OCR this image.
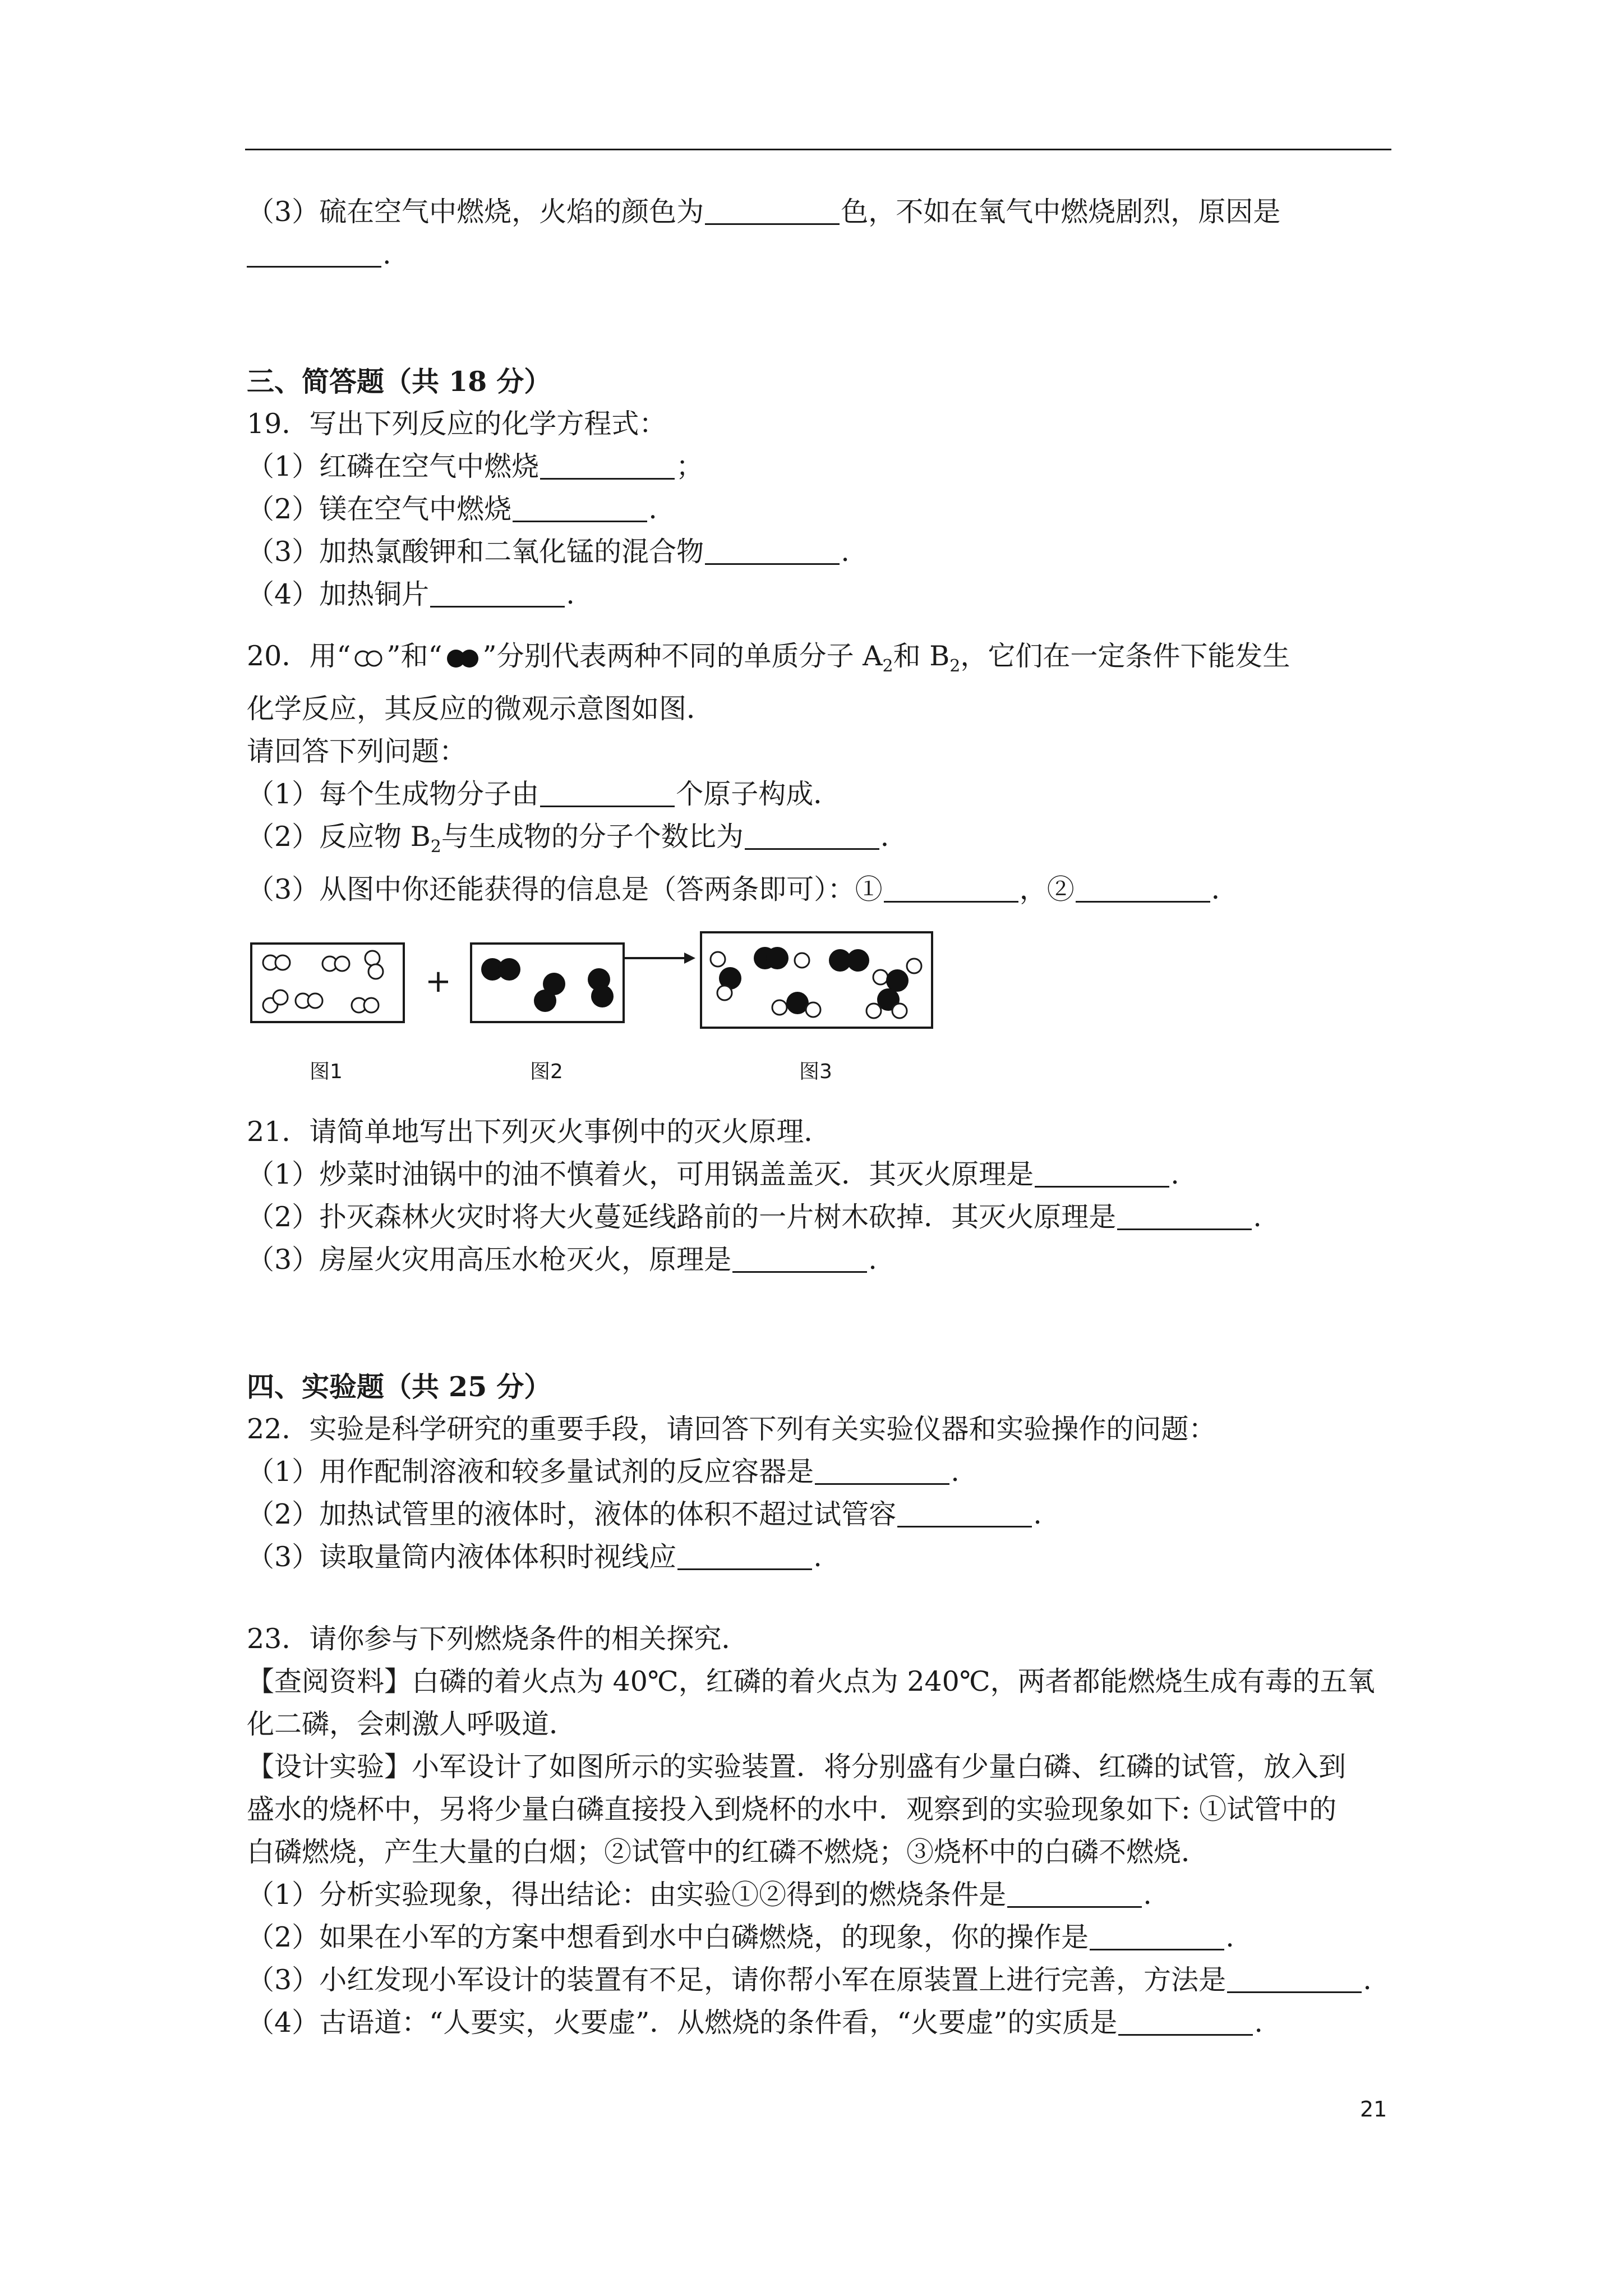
（3）硫在空气中燃烧，火焰的颜色为	色，不如在氧气中燃烧剧烈，原因是
.
三、简答题（共 18 分）
19．写出下列反应的化学方程式：
（1）红磷在空气中燃烧	；
（2）镁在空气中燃烧	.
（3）加热氯酸钾和二氧化锰的混合物	.
（4）加热铜片	.
20．用“ ”和“ ”分别代表两种不同的单质分子 $A_2$和 $B_2$，它们在一定条件下能发生
化学反应，其反应的微观示意图如图．
请回答下列问题：
（1）每个生成物分子由	个原子构成．
（2）反应物 $B_2$与生成物的分子个数比为	．
（3）从图中你还能获得的信息是（答两条即可）：①	，②	．
+
图1	图2	图3
21．请简单地写出下列灭火事例中的灭火原理．
（1）炒菜时油锅中的油不慎着火，可用锅盖盖灭．其灭火原理是	.
（2）扑灭森林火灾时将大火蔓延线路前的一片树木砍掉．其灭火原理是	.
（3）房屋火灾用高压水枪灭火，原理是	.
四、实验题（共 25 分）
22．实验是科学研究的重要手段，请回答下列有关实验仪器和实验操作的问题：
（1）用作配制溶液和较多量试剂的反应容器是	.
（2）加热试管里的液体时，液体的体积不超过试管容	.
（3）读取量筒内液体体积时视线应	.
23．请你参与下列燃烧条件的相关探究．
【查阅资料】白磷的着火点为 40℃，红磷的着火点为 240℃，两者都能燃烧生成有毒的五氧
化二磷，会刺激人呼吸道．
【设计实验】小军设计了如图所示的实验装置．将分别盛有少量白磷、红磷的试管，放入到
盛水的烧杯中，另将少量白磷直接投入到烧杯的水中．观察到的实验现象如下: ①试管中的
白磷燃烧，产生大量的白烟；②试管中的红磷不燃烧；③烧杯中的白磷不燃烧．
（1）分析实验现象，得出结论：由实验①②得到的燃烧条件是	.
（2）如果在小军的方案中想看到水中白磷燃烧，的现象，你的操作是	.
（3）小红发现小军设计的装置有不足，请你帮小军在原装置上进行完善，方法是	.
（4）古语道：“人要实，火要虚”．从燃烧的条件看，“火要虚”的实质是	.
21
